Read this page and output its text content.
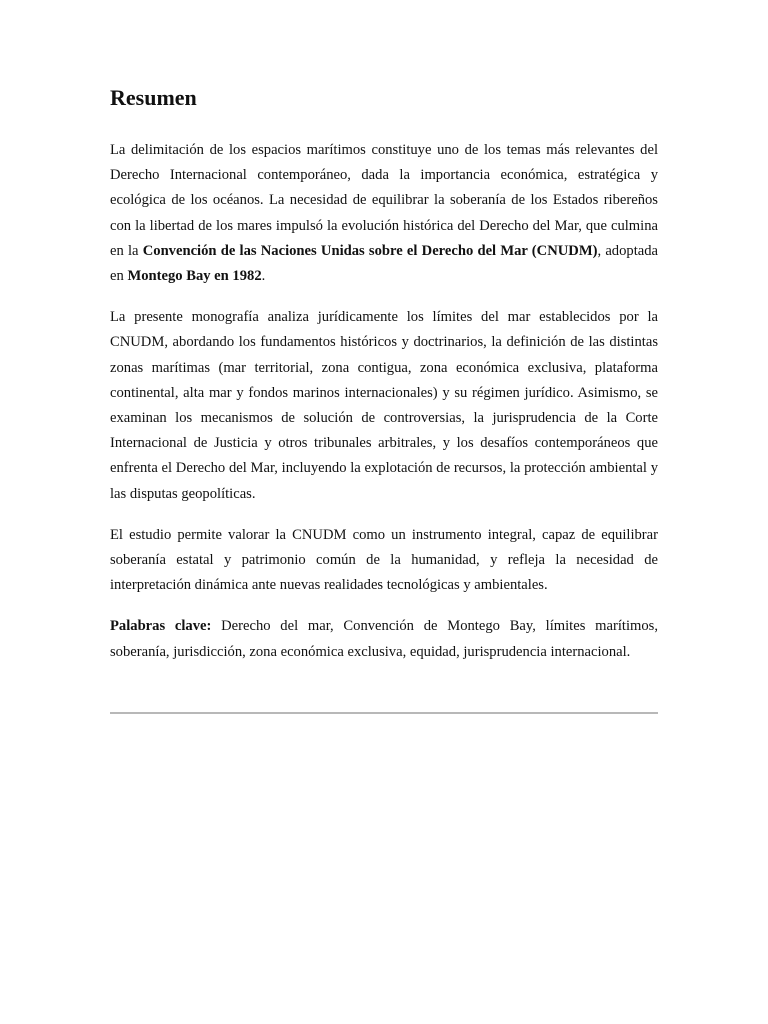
Resumen

La delimitación de los espacios marítimos constituye uno de los temas más relevantes del Derecho Internacional contemporáneo, dada la importancia económica, estratégica y ecológica de los océanos. La necesidad de equilibrar la soberanía de los Estados ribereños con la libertad de los mares impulsó la evolución histórica del Derecho del Mar, que culmina en la Convención de las Naciones Unidas sobre el Derecho del Mar (CNUDM), adoptada en Montego Bay en 1982.

La presente monografía analiza jurídicamente los límites del mar establecidos por la CNUDM, abordando los fundamentos históricos y doctrinarios, la definición de las distintas zonas marítimas (mar territorial, zona contigua, zona económica exclusiva, plataforma continental, alta mar y fondos marinos internacionales) y su régimen jurídico. Asimismo, se examinan los mecanismos de solución de controversias, la jurisprudencia de la Corte Internacional de Justicia y otros tribunales arbitrales, y los desafíos contemporáneos que enfrenta el Derecho del Mar, incluyendo la explotación de recursos, la protección ambiental y las disputas geopolíticas.

El estudio permite valorar la CNUDM como un instrumento integral, capaz de equilibrar soberanía estatal y patrimonio común de la humanidad, y refleja la necesidad de interpretación dinámica ante nuevas realidades tecnológicas y ambientales.

Palabras clave: Derecho del mar, Convención de Montego Bay, límites marítimos, soberanía, jurisdicción, zona económica exclusiva, equidad, jurisprudencia internacional.
